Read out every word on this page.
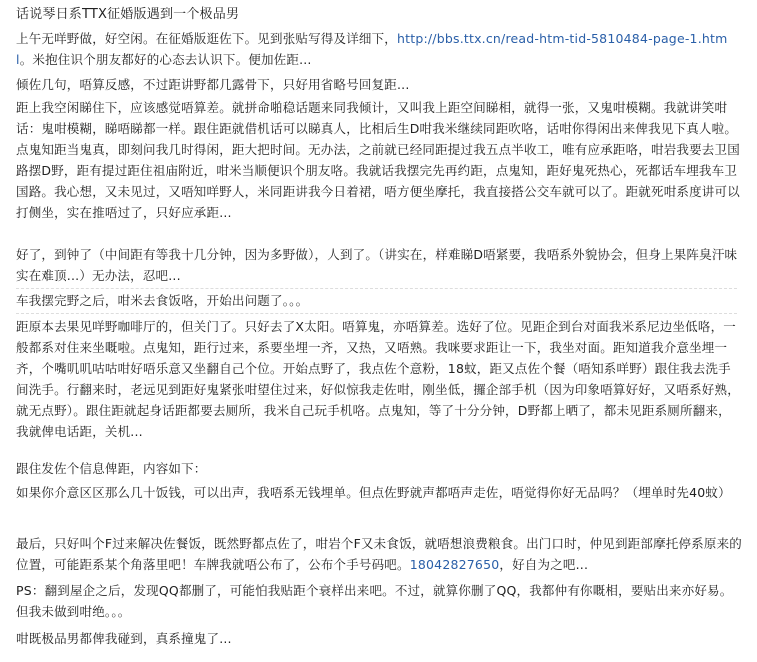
话说琴日系TTX征婚版遇到一个极品男
上午无咩野做，好空闲。在征婚版逛佐下。见到张贴写得及详细下，http://bbs.ttx.cn/read-htm-tid-5810484-page-1.html。米抱住识个朋友都好的心态去认识下。便加佐距...
倾佐几句，唔算反感，不过距讲野都几露骨下，只好用省略号回复距...
距上我空闲睇住下，应该感觉唔算差。就拼命啪稳话题来同我倾计，又叫我上距空间睇相，就得一张，又鬼咁模糊。我就讲笑咁话：鬼咁模糊，睇唔睇都一样。跟住距就借机话可以睇真人，比相后生D咁我米继续同距吹咯，话咁你得闲出来俾我见下真人啦。点鬼知距当鬼真，即刻问我几时得闲，距大把时间。无办法，之前就已经同距提过我五点半收工，唯有应承距咯，咁岩我要去卫国路摆D野，距有提过距住祖庙附近，咁米当顺便识个朋友咯。我就话我摆完先再约距，点鬼知，距好鬼死热心，死都话车埋我车卫国路。我心想，又未见过，又唔知咩野人，米同距讲我今日着裙，唔方便坐摩托，我直接搭公交车就可以了。距就死咁系度讲可以打侧坐，实在推唔过了，只好应承距...
好了，到钟了（中间距有等我十几分钟，因为多野做），人到了。（讲实在，样难睇D唔紧要，我唔系外貌协会，但身上果阵臭汗味实在难顶...）无办法，忍吧...
车我摆完野之后，咁米去食饭咯，开始出问题了。。。
距原本去果见咩野咖啡厅的，但关门了。只好去了X太阳。唔算鬼，亦唔算差。选好了位。见距企到台对面我米系尼边坐低咯，一般都系对住来坐嘅啦。点鬼知，距行过来，系要坐埋一齐，又热，又唔熟。我咪要求距让一下，我坐对面。距知道我介意坐埋一齐，个嘴叽叽咕咕咁好唔乐意又坐翻自己个位。开始点野了，我点佐个意粉，18蚊，距又点佐个餐（唔知系咩野）跟住我去洗手间洗手。行翻来时，老远见到距好鬼紧张咁望住过来，好似惊我走佐咁，刚坐低，攞企部手机（因为印象唔算好好，又唔系好熟，就无点野）。跟住距就起身话距都要去厕所，我米自己玩手机咯。点鬼知，等了十分分钟，D野都上晒了，都未见距系厕所翻来，我就俾电话距，关机...
跟住发佐个信息俾距，内容如下：
如果你介意区区那么几十饭钱，可以出声，我唔系无钱埋单。但点佐野就声都唔声走佐，唔觉得你好无品吗？（埋单时先40蚊）
最后，只好叫个F过来解决佐餐饭，既然野都点佐了，咁岩个F又未食饭，就唔想浪费粮食。出门口时，仲见到距部摩托停系原来的位置，可能距系某个角落里吧！车牌我就唔公布了，公布个手号码吧。18042827650，好自为之吧...
PS：翻到屋企之后，发现QQ都删了，可能怕我贴距个衰样出来吧。不过，就算你删了QQ，我都仲有你嘅相，要贴出来亦好易。但我未做到咁绝。。。
咁既极品男都俾我碰到，真系撞鬼了...
